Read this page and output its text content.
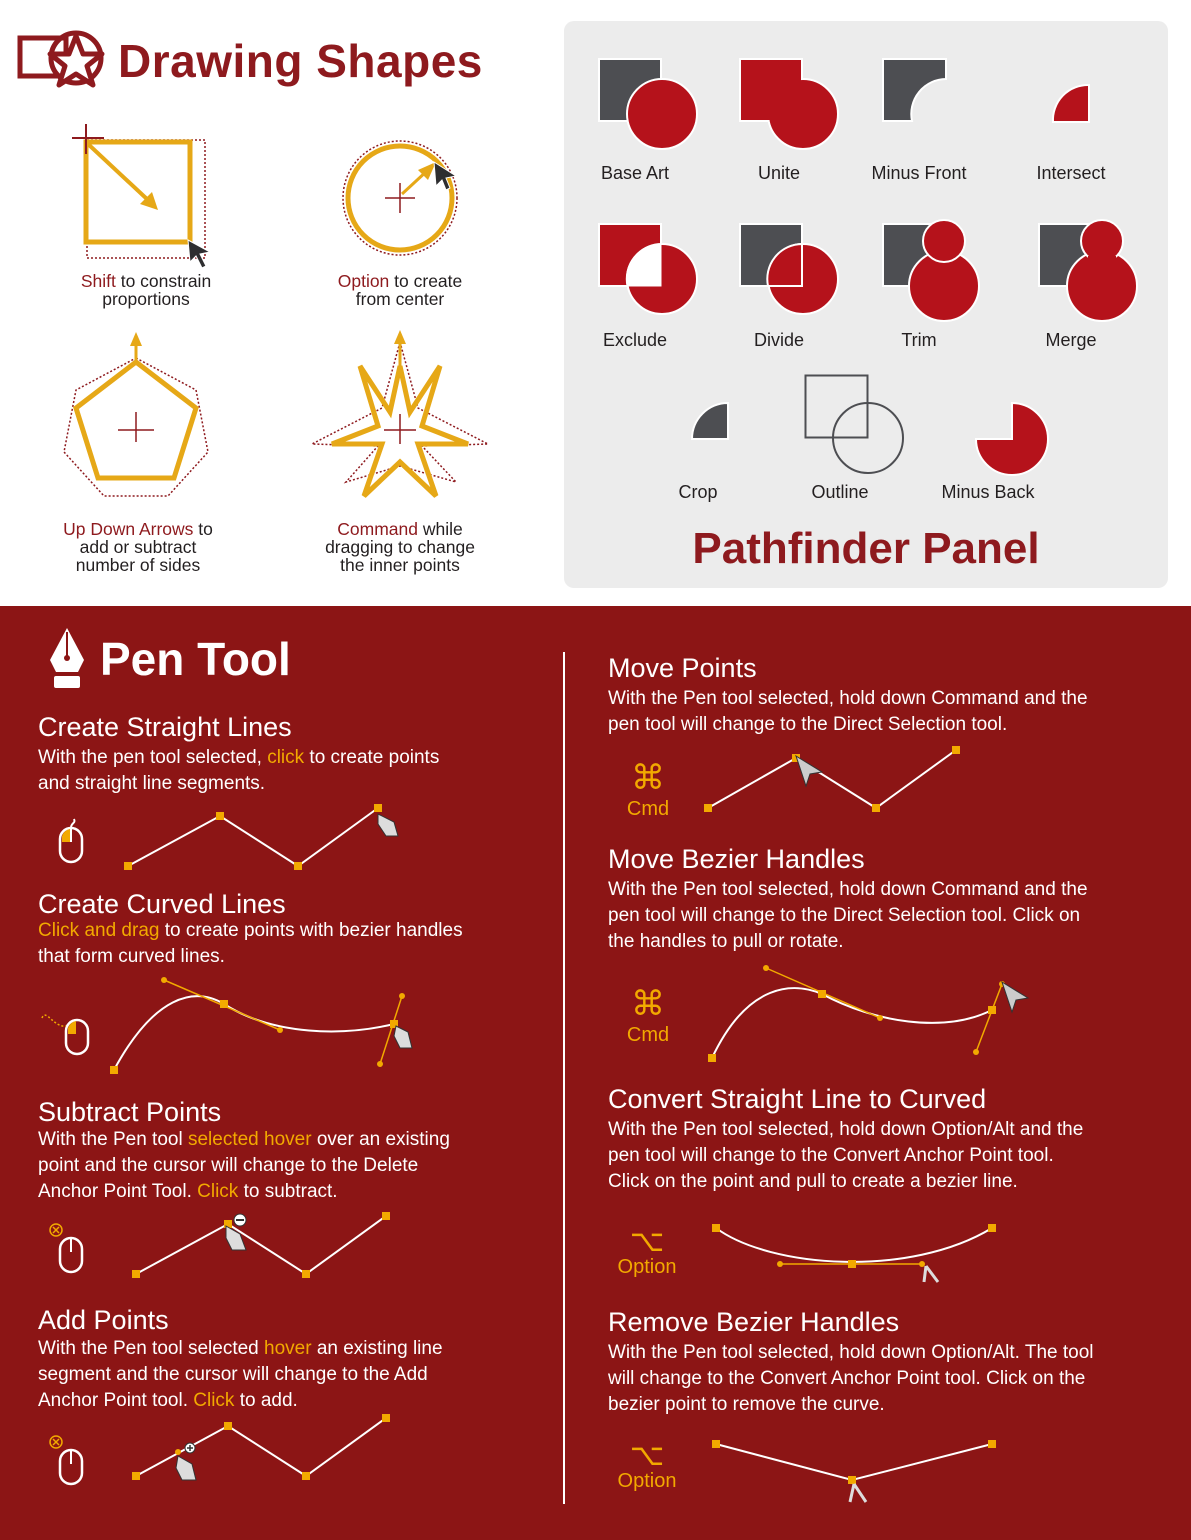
Drawing Shapes
Shift to constrain
proportions
Option to create
from center
Up Down Arrows to
add or subtract
number of sides
Command while
dragging to change
the inner points
Base Art	Unite	Minus Front	Intersect
Exclude	Divide	Trim	Merge
Crop	Outline	Minus Back
Pathfinder Panel
Pen Tool
Create Straight Lines
With the pen tool selected, click to create points
and straight line segments.
Create Curved Lines
Click and drag to create points with bezier handles
that form curved lines.
Subtract Points
With the Pen tool selected hover over an existing
point and the cursor will change to the Delete
Anchor Point Tool. Click to subtract.
Add Points
With the Pen tool selected hover an existing line
segment and the cursor will change to the Add
Anchor Point tool. Click to add.
Move Points
With the Pen tool selected, hold down Command and the
pen tool will change to the Direct Selection tool.
⌘
Cmd
Move Bezier Handles
With the Pen tool selected, hold down Command and the
pen tool will change to the Direct Selection tool. Click on
the handles to pull or rotate.
⌘
Cmd
Convert Straight Line to Curved
With the Pen tool selected, hold down Option/Alt and the
pen tool will change to the Convert Anchor Point tool.
Click on the point and pull to create a bezier line.
⌥
Option
Remove Bezier Handles
With the Pen tool selected, hold down Option/Alt. The tool
will change to the Convert Anchor Point tool. Click on the
bezier point to remove the curve.
⌥
Option
